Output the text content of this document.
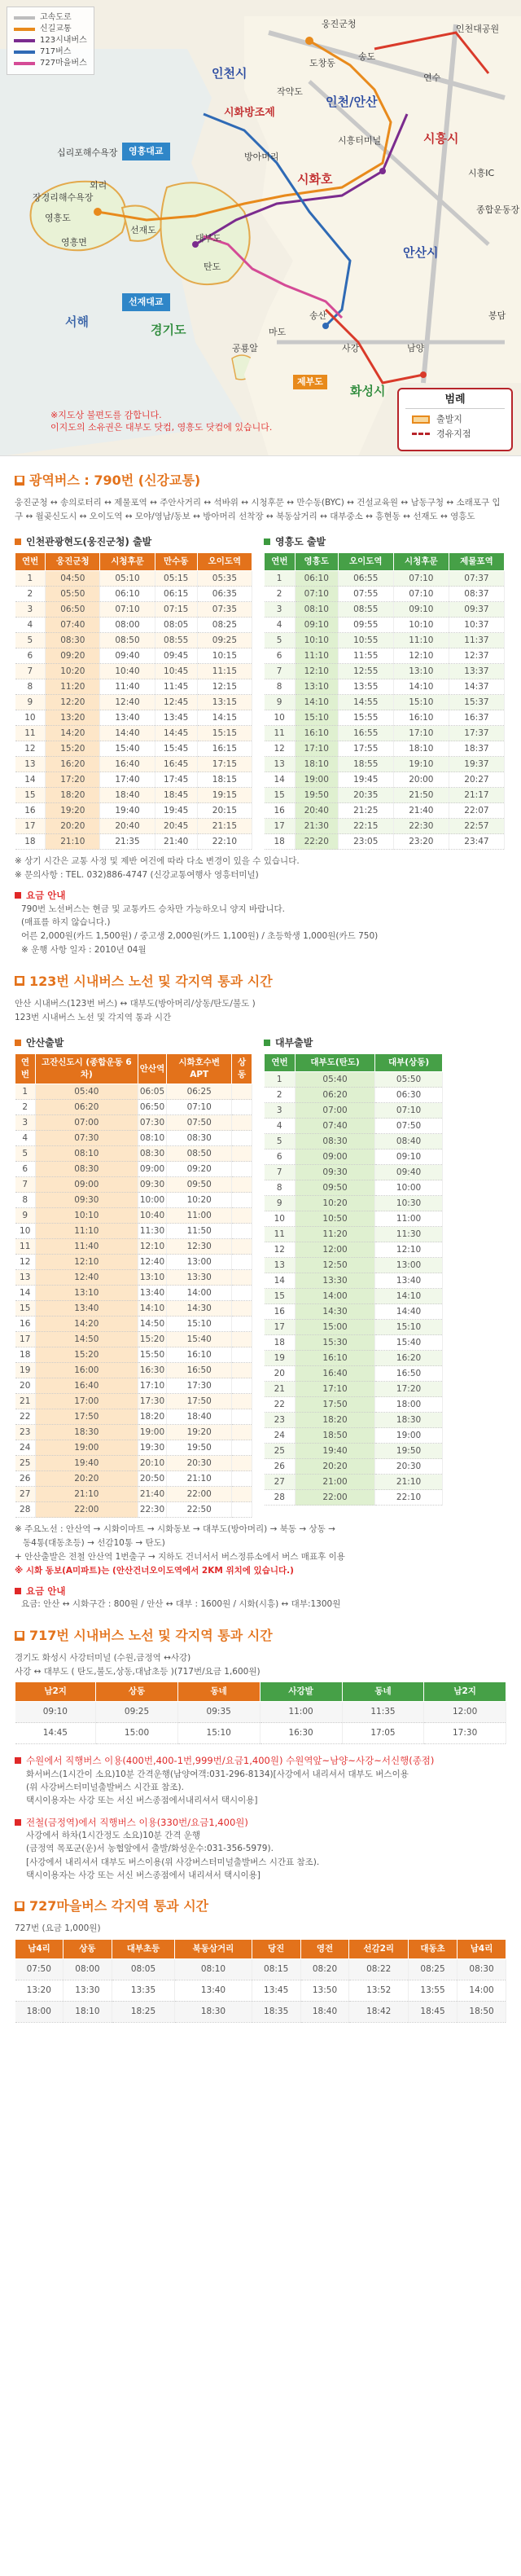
고속도로
신길교통
123시내버스
717버스
727마을버스
인천시
시화방조제
인천/안산
시흥시
시화호
안산시
서해
경기도
화성시
제부도
영흥대교
선재대교
웅진군청
송도
인천대공원
연수
시흥IC
도창동
영흥도
선재도
대부도
공룡알	사강
송산
마도
봉담
남양
종합운동장
시흥터미널
탄도
방아머리
십리포해수욕장
장경리해수욕장
영흥면
외리
작약도
※지도상 불편도를 감합니다.
이지도의 소유권은 대부도 닷컴, 영흥도 닷컴에 있습니다.
범례
출발지
경유지점
■ 광역버스 : 790번 (신강교통)
웅진군청 ↔ 송의로터리 ↔ 제물포역 ↔ 주안사거리 ↔ 석바위 ↔ 시청후문 ↔ 만수동(BYC) ↔ 건설교육원 ↔ 남동구청 ↔ 소래포구 입구 ↔ 월곶신도시 ↔ 오이도역 ↔ 모야/영남/동보 ↔ 방아머리 선착장 ↔ 북동삼거리 ↔ 대부중소 ↔ 흥현동 ↔ 선재도 ↔ 영흥도
인천관광현도(웅진군청) 출발
연번	웅진군청	시청후문	만수동	오이도역
1	04:50	05:10	05:15	05:35
2	05:50	06:10	06:15	06:35
3	06:50	07:10	07:15	07:35
4	07:40	08:00	08:05	08:25
5	08:30	08:50	08:55	09:25
6	09:20	09:40	09:45	10:15
7	10:20	10:40	10:45	11:15
8	11:20	11:40	11:45	12:15
9	12:20	12:40	12:45	13:15
10	13:20	13:40	13:45	14:15
11	14:20	14:40	14:45	15:15
12	15:20	15:40	15:45	16:15
13	16:20	16:40	16:45	17:15
14	17:20	17:40	17:45	18:15
15	18:20	18:40	18:45	19:15
16	19:20	19:40	19:45	20:15
17	20:20	20:40	20:45	21:15
18	21:10	21:35	21:40	22:10
영흥도 출발
연번	영흥도	오이도역	시청후문	제물포역
1	06:10	06:55	07:10	07:37
2	07:10	07:55	07:10	08:37
3	08:10	08:55	09:10	09:37
4	09:10	09:55	10:10	10:37
5	10:10	10:55	11:10	11:37
6	11:10	11:55	12:10	12:37
7	12:10	12:55	13:10	13:37
8	13:10	13:55	14:10	14:37
9	14:10	14:55	15:10	15:37
10	15:10	15:55	16:10	16:37
11	16:10	16:55	17:10	17:37
12	17:10	17:55	18:10	18:37
13	18:10	18:55	19:10	19:37
14	19:00	19:45	20:00	20:27
15	19:50	20:35	21:50	21:17
16	20:40	21:25	21:40	22:07
17	21:30	22:15	22:30	22:57
18	22:20	23:05	23:20	23:47
※ 상기 시간은 교통 사정 및 제반 여건에 따라 다소 변경이 있을 수 있습니다.
※ 문의사항 : TEL. 032)886-4747 (신강교통여행사 영흥터미널)
요금 안내
790번 노선버스는 현금 및 교통카드 승차만 가능하오니 양지 바랍니다.
(매표를 하지 않습니다.)
어른 2,000원(카드 1,500원) / 중고생 2,000원(카드 1,100원) / 초등학생 1,000원(카드 750)
※ 운행 사항 일자 : 2010년 04월
■ 123번 시내버스 노선 및 각지역 통과 시간
안산 시내버스(123번 버스) ↔ 대부도(방아머리/상동/탄도/불도 )
123번 시내버스 노선 및 각지역 통과 시간
안산출발
연번	고잔신도시 (종합운동 6차)	안산역	시화호수변 APT	상동
1	05:40	06:05	06:25	
2	06:20	06:50	07:10	
3	07:00	07:30	07:50	
4	07:30	08:10	08:30	
5	08:10	08:30	08:50	
6	08:30	09:00	09:20	
7	09:00	09:30	09:50	
8	09:30	10:00	10:20	
9	10:10	10:40	11:00	
10	11:10	11:30	11:50	
11	11:40	12:10	12:30	
12	12:10	12:40	13:00	
13	12:40	13:10	13:30	
14	13:10	13:40	14:00	
15	13:40	14:10	14:30	
16	14:20	14:50	15:10	
17	14:50	15:20	15:40	
18	15:20	15:50	16:10	
19	16:00	16:30	16:50	
20	16:40	17:10	17:30	
21	17:00	17:30	17:50	
22	17:50	18:20	18:40	
23	18:30	19:00	19:20	
24	19:00	19:30	19:50	
25	19:40	20:10	20:30	
26	20:20	20:50	21:10	
27	21:10	21:40	22:00	
28	22:00	22:30	22:50	
대부출발
연번	대부도(탄도)	대부(상동)
1	05:40	05:50
2	06:20	06:30
3	07:00	07:10
4	07:40	07:50
5	08:30	08:40
6	09:00	09:10
7	09:30	09:40
8	09:50	10:00
9	10:20	10:30
10	10:50	11:00
11	11:20	11:30
12	12:00	12:10
13	12:50	13:00
14	13:30	13:40
15	14:00	14:10
16	14:30	14:40
17	15:00	15:10
18	15:30	15:40
19	16:10	16:20
20	16:40	16:50
21	17:10	17:20
22	17:50	18:00
23	18:20	18:30
24	18:50	19:00
25	19:40	19:50
26	20:20	20:30
27	21:00	21:10
28	22:00	22:10
※ 주요노선 : 안산역 → 시화이마트 → 시화동보 → 대부도(방아머리) → 북동 → 상동 →
동4통(대동초등) → 선감10통 → 탄도)
+ 안산출발은 전철 안산역 1번출구 → 지하도 건너서서 버스정류소에서 버스 매표후 이용
※ 시화 동보(A미파트)는 (안산건너오이도역에서 2KM 위치에 있습니다.)
요금 안내
요금: 안산 ↔ 시화구간 : 800원 / 안산 ↔ 대부 : 1600원 / 시화(시흥) ↔ 대부:1300원
■ 717번 시내버스 노선 및 각지역 통과 시간
경기도 화성시 사강터미널 (수원,금정역 ↔사강)
사강 ↔ 대부도 ( 탄도,불도,상동,대남초등 )(717번/요금 1,600원)
남2지	상동	동네	사강발	동네	남2지
09:10	09:25	09:35	11:00	11:35	12:00
14:45	15:00	15:10	16:30	17:05	17:30
수원에서 직행버스 이용(400번,400-1번,999번/요금1,400원) 수원역앞~남양~사강~서신행(종점)
화서버스(1시간이 소요)10분 간격운행(남양여객:031-296-8134)[사강에서 내리셔서 대부도 버스이용
(위 사강버스터미널출발버스 시간표 참조).
택시이용자는 사강 또는 서신 버스종점에서내리셔서 택시이용]
전철(금정역)에서 직행버스 이용(330번/요금1,400원)
사강에서 하차(1시간정도 소요)10분 간격 운행
(금정역 목포군(운)서 농협앞에서 출발/화성운수:031-356-5979).
[사강에서 내리셔서 대부도 버스이용(위 사강버스터미널출발버스 시간표 참조).
택시이용자는 사강 또는 서신 버스종점에서 내리셔서 택시이용]
■ 727마을버스 각지역 통과 시간
727번 (요금 1,000원)
남4리	상동	대부초등	북동삼거리	당진	영전	선감2리	대동초	남4리
07:50	08:00	08:05	08:10	08:15	08:20	08:22	08:25	08:30
13:20	13:30	13:35	13:40	13:45	13:50	13:52	13:55	14:00
18:00	18:10	18:25	18:30	18:35	18:40	18:42	18:45	18:50
